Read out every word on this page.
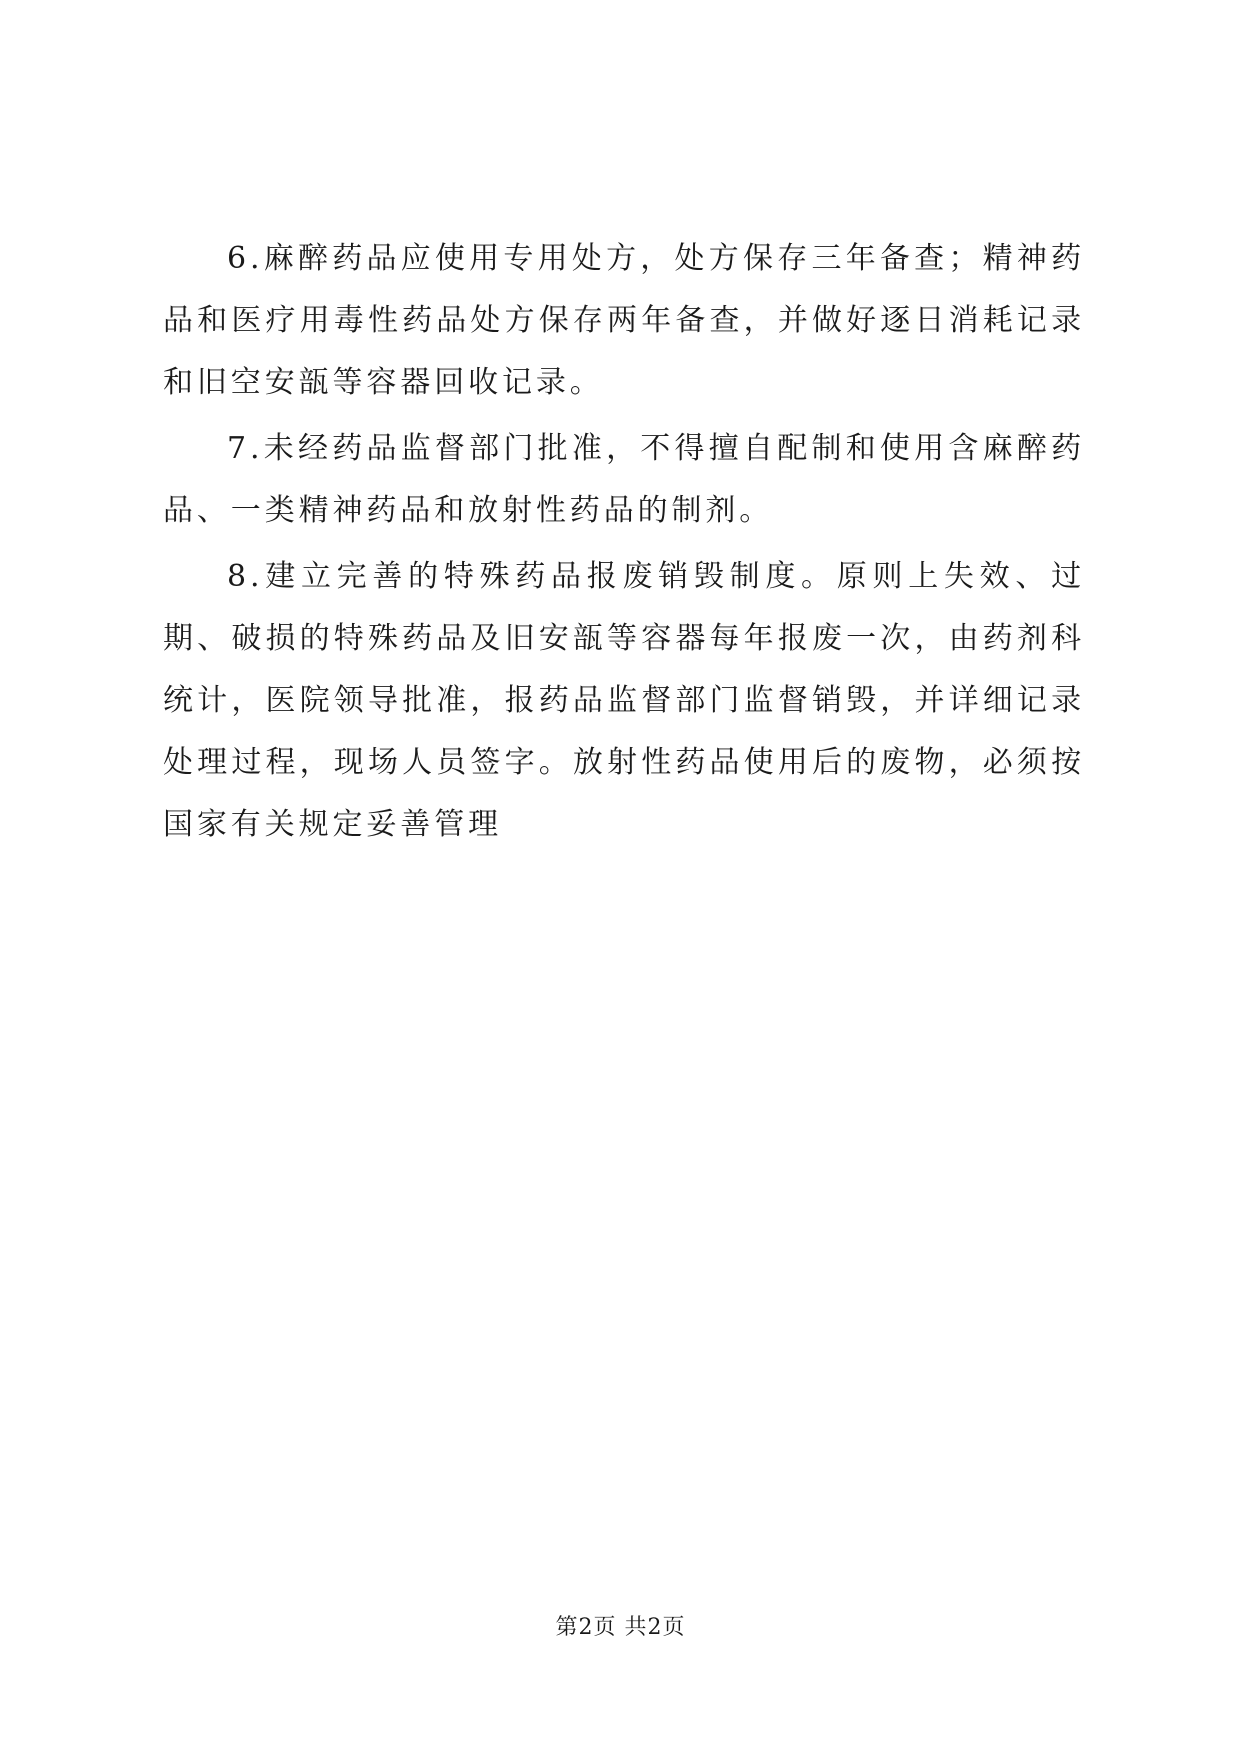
6.麻醉药品应使用专用处方，处方保存三年备查；精神药品和医疗用毒性药品处方保存两年备查，并做好逐日消耗记录和旧空安瓿等容器回收记录。

7.未经药品监督部门批准，不得擅自配制和使用含麻醉药品、一类精神药品和放射性药品的制剂。

8.建立完善的特殊药品报废销毁制度。原则上失效、过期、破损的特殊药品及旧安瓿等容器每年报废一次，由药剂科统计，医院领导批准，报药品监督部门监督销毁，并详细记录处理过程，现场人员签字。放射性药品使用后的废物，必须按国家有关规定妥善管理

第2页 共2页
